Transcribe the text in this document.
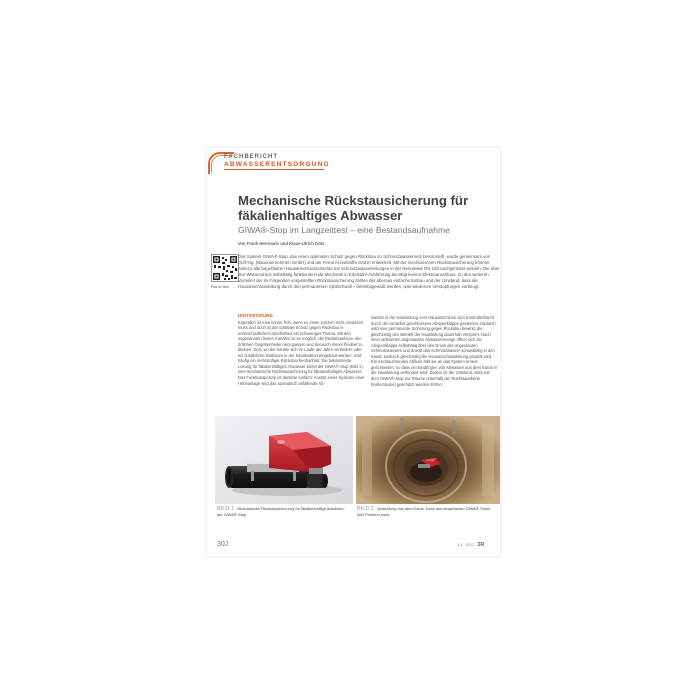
FACHBERICHT
ABWASSERENTSORGUNG
Mechanische Rückstausicherung für fäkalienhaltiges Abwasser
GIWA®-Stop im Langzeittest – eine Bestandsaufnahme
Von Frank Herrmann und Klaus-Ulrich Götz
Plus im Web
Das System GIWA®-Stop, das einen optimalen Schutz gegen Rückstau im Schmutzwassernetz bereit stellt, wurde gemeinsam von Duff-Ing. (Bauunternehmen GmbH) und der Firma Kunststoffe GmbH entwickelt. Mit der mechanischen Rückstausicherung können nahezu alle begehbaren Hausanschlussschächte mit Schmutzwasserleitungen in der Nennweite DN 150 nachgerüstet werden. Die über den Wasserdruck selbsttätig funktionierende Mechanik in Edelstahl-Ausführung benötigt keinen Elektroanschluss. Zu den weiteren Vorteilen der im Folgenden vorgestellten Rückstausicherung zählen der überaus einfache Einbau und der Umstand, dass die Hausanschlussleitung durch den permanenten Spülschwall – betriebsgewollt werden, was wiederum Verstopfungen vorbeugt.
HINTERGRUND
Eigentlich ist man immer froh, wenn es einen solchen nicht einsetzen muss und doch ist der optimale Schutz gegen Rückstau in unterschiedlichen Abschnitten ein schwieriges Thema. Mit den sogenannten festen Kanälen ist es möglich, die Rückstauebene den örtlichen Gegebenheiten anzupassen und dennoch immer flexibel zu bleiben. Dort, wo die Kanäle sich im Laufe der Jahre verändern oder wo zusätzliche Stationen in der Kanalisation eingebaut werden, wird häufig ein mehrstufiger Rückstau beobachtet. Die bekannteste Lösung für fäkalienhaltiges Abwasser bietet der GIWA®-Stop (Bild 1), eine mechanische Rückstausicherung für fäkalienhaltiges Abwasser. Das Funktionsprinzip ist denkbar einfach: Anstatt eines Systems einer Hebeanlage wird das sporadisch anfallende Ab-
wasser in der Hausleitung vom Hausanschluss zum Kontrollschacht durch die zunächst geschlossene Absperrklappe gestemmt. Dadurch wird eine permanente Sicherung gegen Rückstau bewirkt, die gleichzeitig den Betrieb der Hausleitung dauerhaft versperrt. Nach einer definierten angestauten Abwassermenge öffnet sich die Absperrklappe selbsttätig über den Druck des angestauten Schmutzwassers und drückt das Schmutzwasser schwallartig in den Kanal, wodurch gleichzeitig die Hausanschlussleitung gespült wird. Ein nachtauchendes Abfluss hält sie an das System erneut geschlossen, so dass ein Eindringen von Abwasser aus dem Kanal in die Hausleitung verhindert wird. Zudem ist der Umstand, dass mit dem GIWA®-Stop nur Räume unterhalb der Rückstauebene (Kellerräume) geschützt werden dürfen.
BILD 1 Mechanische Rückstausicherung für fäkalienhaltige Abwässer: der GIWA®-Stop
BILD 2 Abdichtung aus dem Kanal: Dank des eingebauten GIWA®-Stops kein Problem mehr
302	3-4 · 2012 3R
